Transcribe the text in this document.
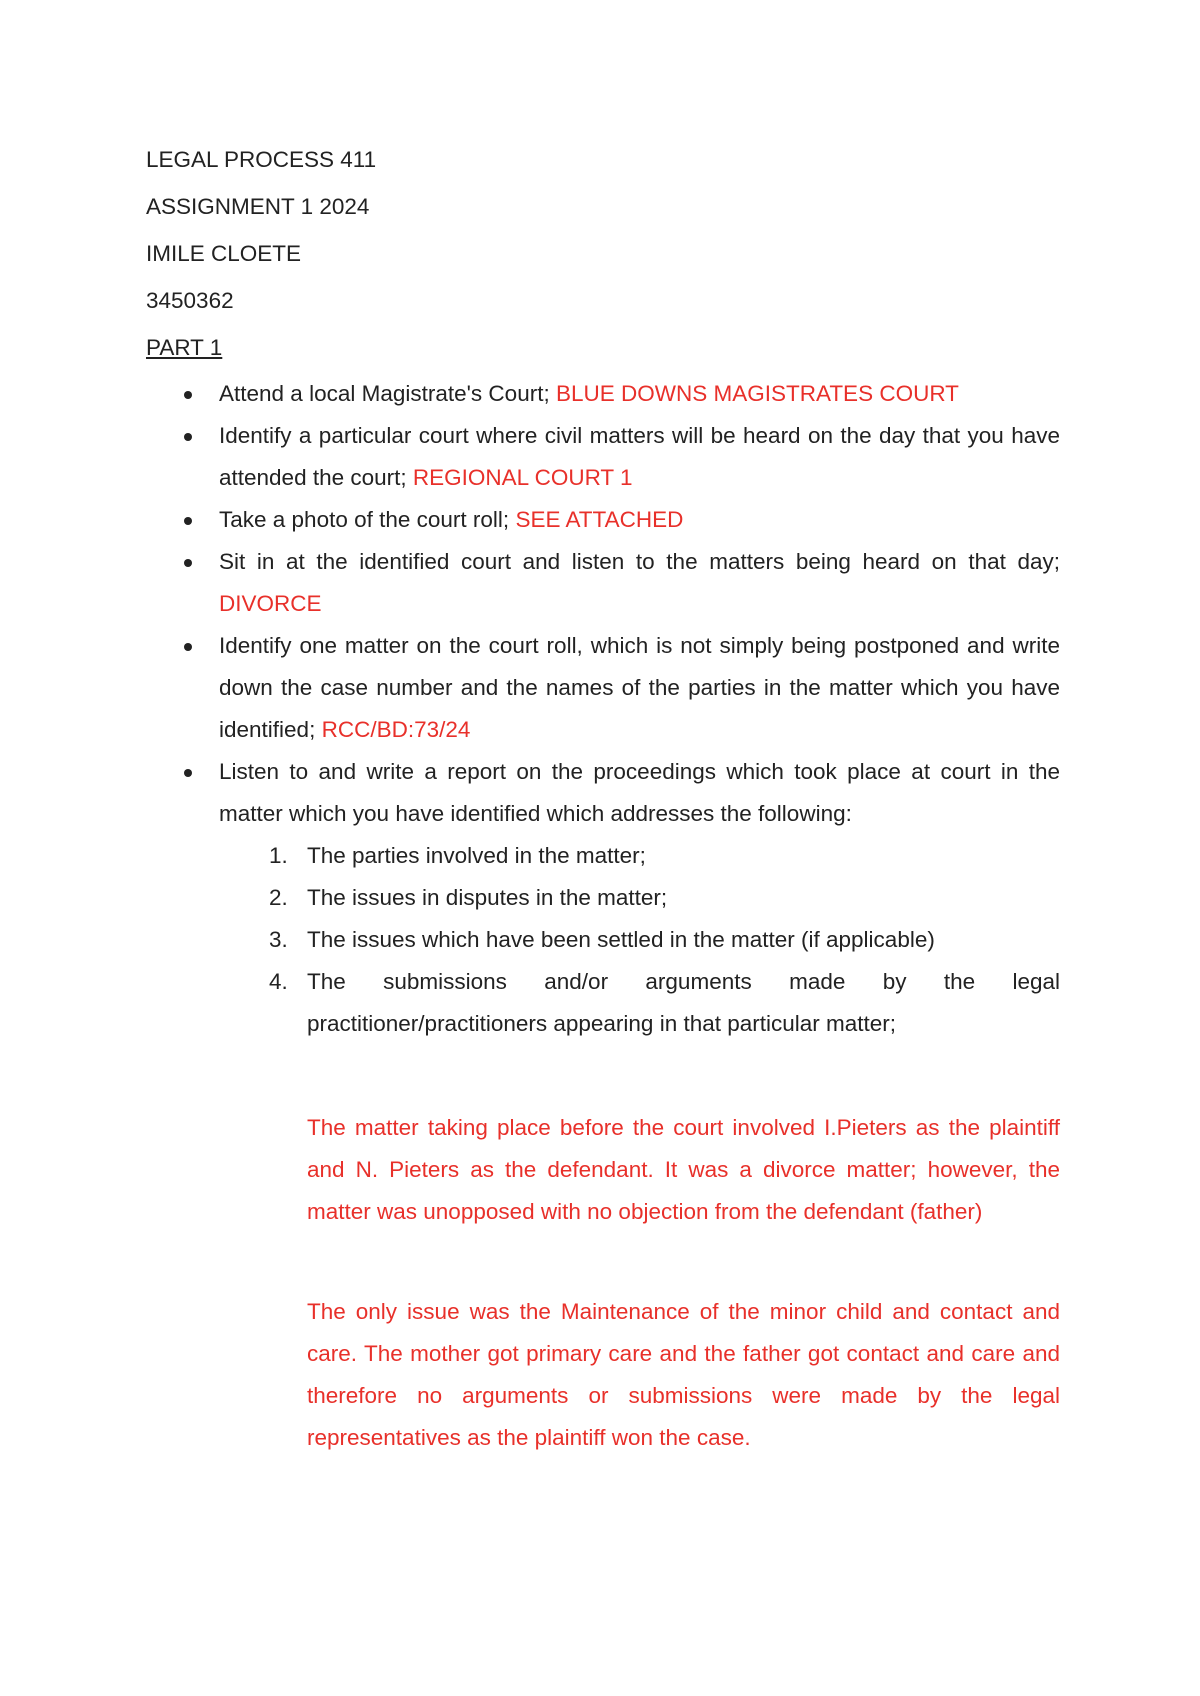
LEGAL PROCESS 411

ASSIGNMENT 1 2024

IMILE CLOETE

3450362

PART 1

Attend a local Magistrate's Court; BLUE DOWNS MAGISTRATES COURT
Identify a particular court where civil matters will be heard on the day that you have attended the court; REGIONAL COURT 1
Take a photo of the court roll; SEE ATTACHED
Sit in at the identified court and listen to the matters being heard on that day; DIVORCE
Identify one matter on the court roll, which is not simply being postponed and write down the case number and the names of the parties in the matter which you have identified; RCC/BD:73/24
Listen to and write a report on the proceedings which took place at court in the matter which you have identified which addresses the following:
1. The parties involved in the matter;
2. The issues in disputes in the matter;
3. The issues which have been settled in the matter (if applicable)
4. The submissions and/or arguments made by the legal
practitioner/practitioners appearing in that particular matter;

The matter taking place before the court involved I.Pieters as the plaintiff and N. Pieters as the defendant. It was a divorce matter; however, the matter was unopposed with no objection from the defendant (father)

The only issue was the Maintenance of the minor child and contact and care. The mother got primary care and the father got contact and care and therefore no arguments or submissions were made by the legal representatives as the plaintiff won the case.
